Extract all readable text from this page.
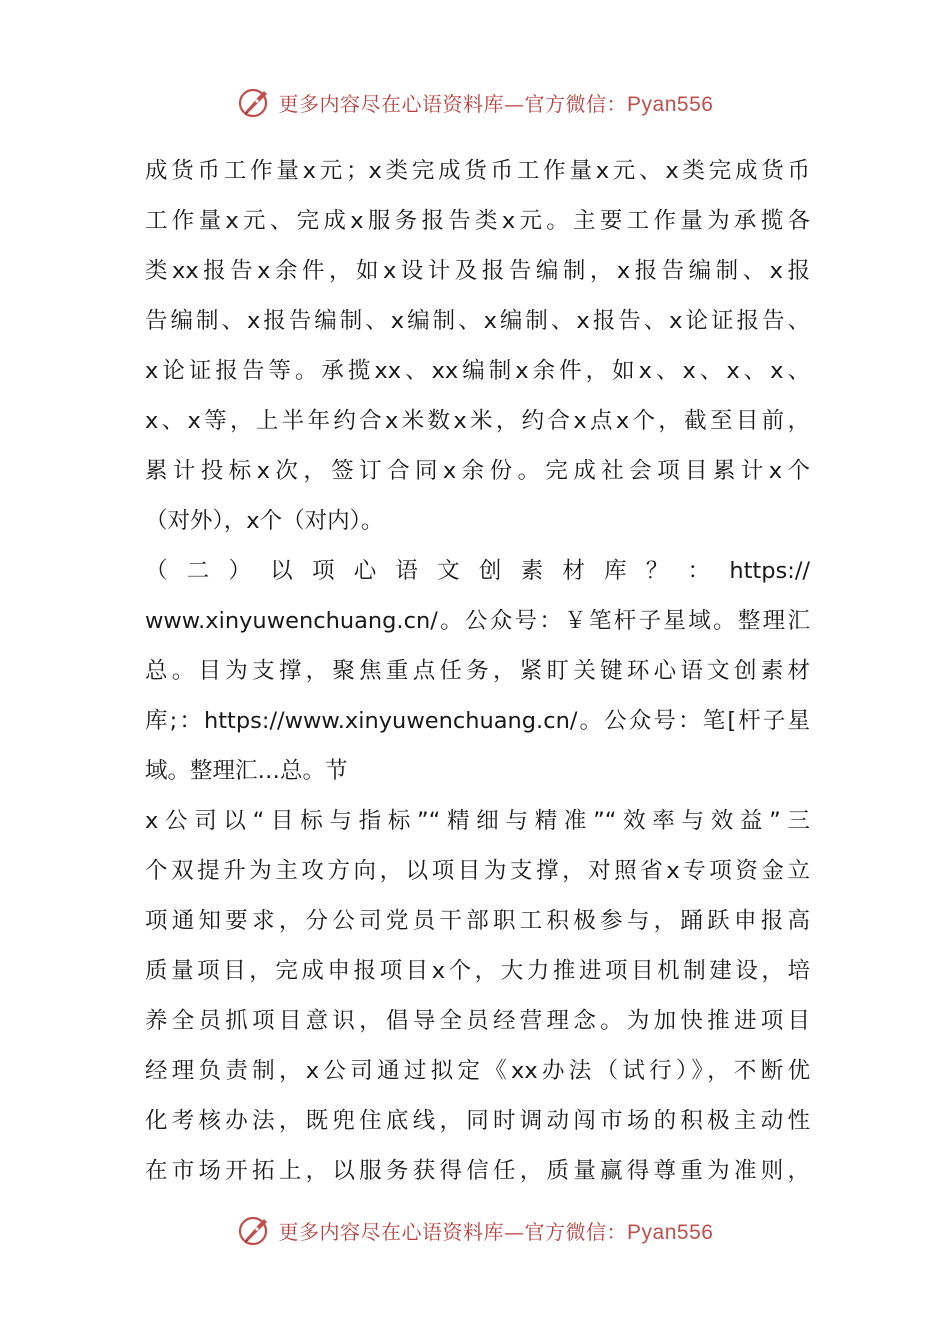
更多内容尽在心语资料库—官方微信：Pyan556
成货币工作量x元；x类完成货币工作量x元、x类完成货币
工作量x元、完成x服务报告类x元。主要工作量为承揽各
类xx报告x余件，如x设计及报告编制，x报告编制、x报
告编制、x报告编制、x编制、x编制、x报告、x论证报告、
x论证报告等。承揽xx、xx编制x余件，如x、x、x、x、
x、x等，上半年约合x米数x米，约合x点x个，截至目前，
累计投标x次，签订合同x余份。完成社会项目累计x个
（对外），x个（对内）。
（二）以项心语文创素材库？：https://
www.xinyuwenchuang.cn/。公众号：￥笔杆子星域。整理汇
总。目为支撑，聚焦重点任务，紧盯关键环心语文创素材
库;：https://www.xinyuwenchuang.cn/。公众号：笔[杆子星
域。整理汇…总。节
x公司以“目标与指标”“精细与精准”“效率与效益”三
个双提升为主攻方向，以项目为支撑，对照省x专项资金立
项通知要求，分公司党员干部职工积极参与，踊跃申报高
质量项目，完成申报项目x个，大力推进项目机制建设，培
养全员抓项目意识，倡导全员经营理念。为加快推进项目
经理负责制，x公司通过拟定《xx办法（试行）》，不断优
化考核办法，既兜住底线，同时调动闯市场的积极主动性
在市场开拓上，以服务获得信任，质量赢得尊重为准则，
更多内容尽在心语资料库—官方微信：Pyan556
